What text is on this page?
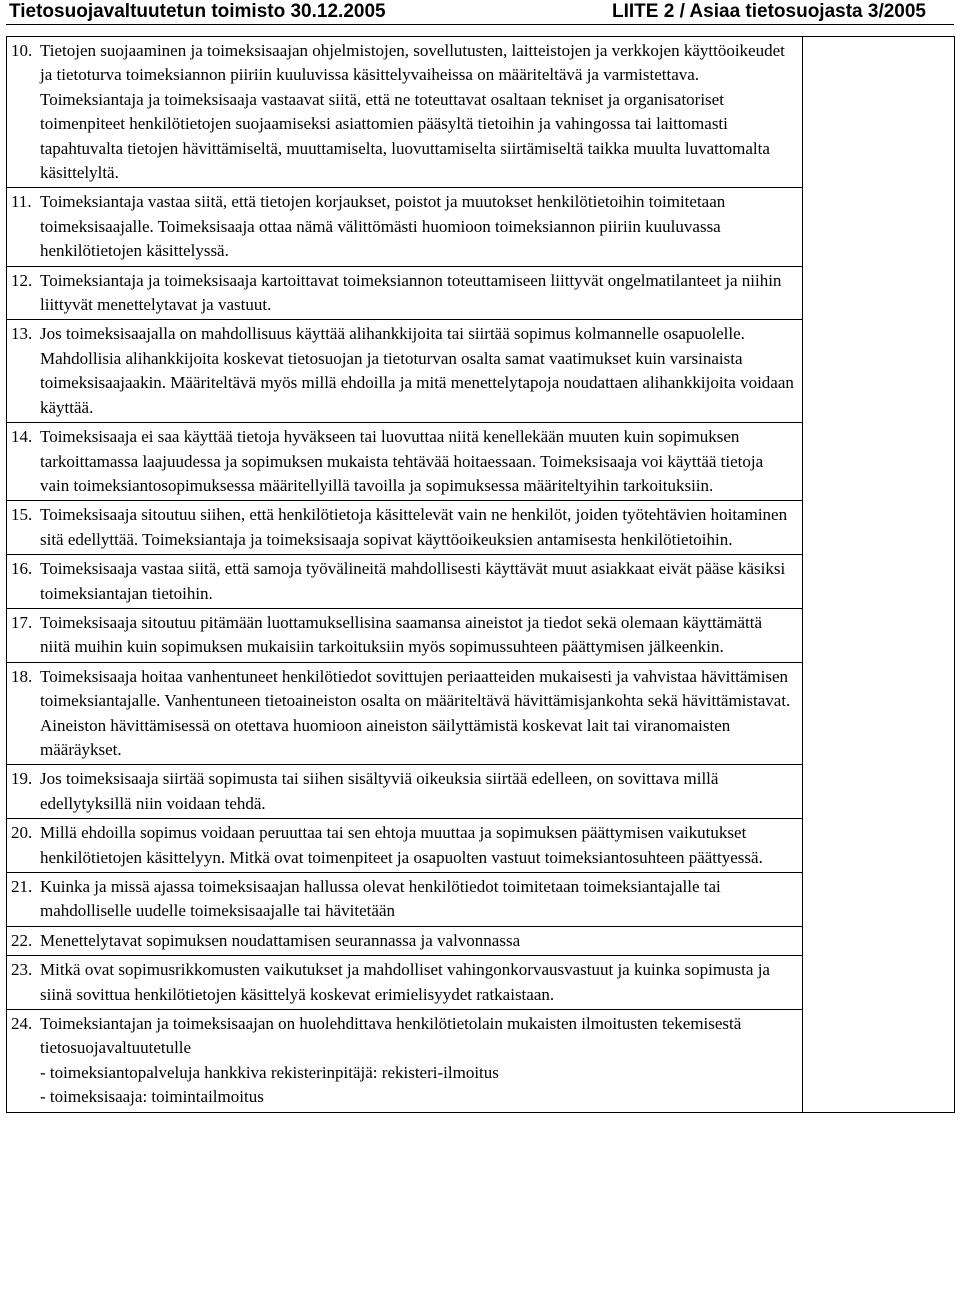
Tietosuojavaltuutetun toimisto 30.12.2005	LIITE 2 / Asiaa tietosuojasta 3/2005
10. Tietojen suojaaminen ja toimeksisaajan ohjelmistojen, sovellutusten, laitteistojen ja verkkojen käyttöoikeudet ja tietoturva toimeksiannon piiriin kuuluvissa käsittelyvaiheissa on määriteltävä ja varmistettava. Toimeksiantaja ja toimeksisaaja vastaavat siitä, että ne toteuttavat osaltaan tekniset ja organisatoriset toimenpiteet henkilötietojen suojaamiseksi asiattomien pääsyltä tietoihin ja vahingossa tai laittomasti tapahtuvalta tietojen hävittämiseltä, muuttamiselta, luovuttamiselta siirtämiseltä taikka muulta luvattomalta käsittelyltä.

11. Toimeksiantaja vastaa siitä, että tietojen korjaukset, poistot ja muutokset henkilötietoihin toimitetaan toimeksisaajalle. Toimeksisaaja ottaa nämä välittömästi huomioon toimeksiannon piiriin kuuluvassa henkilötietojen käsittelyssä.

12. Toimeksiantaja ja toimeksisaaja kartoittavat toimeksiannon toteuttamiseen liittyvät ongelmatilanteet ja niihin liittyvät menettelytavat ja vastuut.

13. Jos toimeksisaajalla on mahdollisuus käyttää alihankkijoita tai siirtää sopimus kolmannelle osapuolelle. Mahdollisia alihankkijoita koskevat tietosuojan ja tietoturvan osalta samat vaatimukset kuin varsinaista toimeksisaajaakin. Määriteltävä myös millä ehdoilla ja mitä menettelytapoja noudattaen alihankkijoita voidaan käyttää.

14. Toimeksisaaja ei saa käyttää tietoja hyväkseen tai luovuttaa niitä kenellekään muuten kuin sopimuksen tarkoittamassa laajuudessa ja sopimuksen mukaista tehtävää hoitaessaan. Toimeksisaaja voi käyttää tietoja vain toimeksiantosopimuksessa määritellyillä tavoilla ja sopimuksessa määriteltyihin tarkoituksiin.

15. Toimeksisaaja sitoutuu siihen, että henkilötietoja käsittelevät vain ne henkilöt, joiden työtehtävien hoitaminen sitä edellyttää. Toimeksiantaja ja toimeksisaaja sopivat käyttöoikeuksien antamisesta henkilötietoihin.

16. Toimeksisaaja vastaa siitä, että samoja työvälineitä mahdollisesti käyttävät muut asiakkaat eivät pääse käsiksi toimeksiantajan tietoihin.

17. Toimeksisaaja sitoutuu pitämään luottamuksellisina saamansa aineistot ja tiedot sekä olemaan käyttämättä niitä muihin kuin sopimuksen mukaisiin tarkoituksiin myös sopimussuhteen päättymisen jälkeenkin.

18. Toimeksisaaja hoitaa vanhentuneet henkilötiedot sovittujen periaatteiden mukaisesti ja vahvistaa hävittämisen toimeksiantajalle. Vanhentuneen tietoaineiston osalta on määriteltävä hävittämisjankohta sekä hävittämistavat. Aineiston hävittämisessä on otettava huomioon aineiston säilyttämistä koskevat lait tai viranomaisten määräykset.

19. Jos toimeksisaaja siirtää sopimusta tai siihen sisältyviä oikeuksia siirtää edelleen, on sovittava millä edellytyksillä niin voidaan tehdä.

20. Millä ehdoilla sopimus voidaan peruuttaa tai sen ehtoja muuttaa ja sopimuksen päättymisen vaikutukset henkilötietojen käsittelyyn. Mitkä ovat toimenpiteet ja osapuolten vastuut toimeksiantosuhteen päättyessä.

21. Kuinka ja missä ajassa toimeksisaajan hallussa olevat henkilötiedot toimitetaan toimeksiantajalle tai mahdolliselle uudelle toimeksisaajalle tai hävitetään

22. Menettelytavat sopimuksen noudattamisen seurannassa ja valvonnassa

23. Mitkä ovat sopimusrikkomusten vaikutukset ja mahdolliset vahingonkorvausvastuut ja kuinka sopimusta ja siinä sovittua henkilötietojen käsittelyä koskevat erimielisyydet ratkaistaan.

24. Toimeksiantajan ja toimeksisaajan on huolehdittava henkilötietolain mukaisten ilmoitusten tekemisestä tietosuojavaltuutetulle
- toimeksiantopalveluja hankkiva rekisterinpitäjä: rekisteri-ilmoitus
- toimeksisaaja: toimintailmoitus
